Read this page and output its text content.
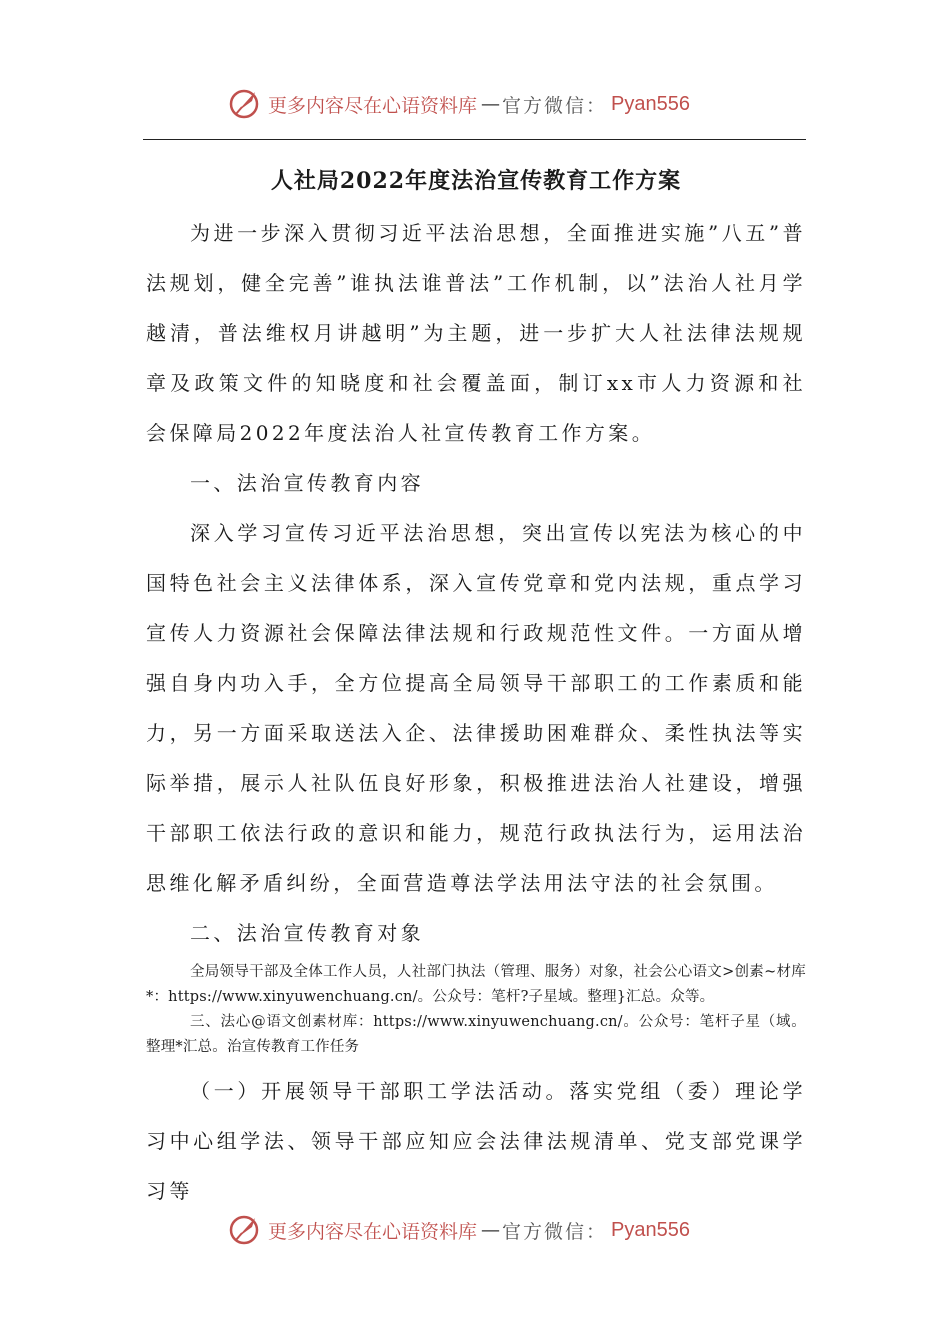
更多内容尽在心语资料库 — 官方微信： Pyan556
人社局2022年度法治宣传教育工作方案

为进一步深入贯彻习近平法治思想，全面推进实施”八五”普法规划，健全完善”谁执法谁普法”工作机制，以”法治人社月学越清，普法维权月讲越明”为主题，进一步扩大人社法律法规规章及政策文件的知晓度和社会覆盖面，制订xx市人力资源和社会保障局2022年度法治人社宣传教育工作方案。

一、法治宣传教育内容

深入学习宣传习近平法治思想，突出宣传以宪法为核心的中国特色社会主义法律体系，深入宣传党章和党内法规，重点学习宣传人力资源社会保障法律法规和行政规范性文件。一方面从增强自身内功入手，全方位提高全局领导干部职工的工作素质和能力，另一方面采取送法入企、法律援助困难群众、柔性执法等实际举措，展示人社队伍良好形象，积极推进法治人社建设，增强干部职工依法行政的意识和能力，规范行政执法行为，运用法治思维化解矛盾纠纷，全面营造尊法学法用法守法的社会氛围。

二、法治宣传教育对象

全局领导干部及全体工作人员，人社部门执法（管理、服务）对象，社会公心语文>创素~材库*：https://www.xinyuwenchuang.cn/。公众号：笔杆?子星域。整理}汇总。众等。

三、法心@语文创素材库：https://www.xinyuwenchuang.cn/。公众号：笔杆子星（域。整理*汇总。治宣传教育工作任务

（一）开展领导干部职工学法活动。落实党组（委）理论学习中心组学法、领导干部应知应会法律法规清单、党支部党课学习等

更多内容尽在心语资料库 — 官方微信： Pyan556
